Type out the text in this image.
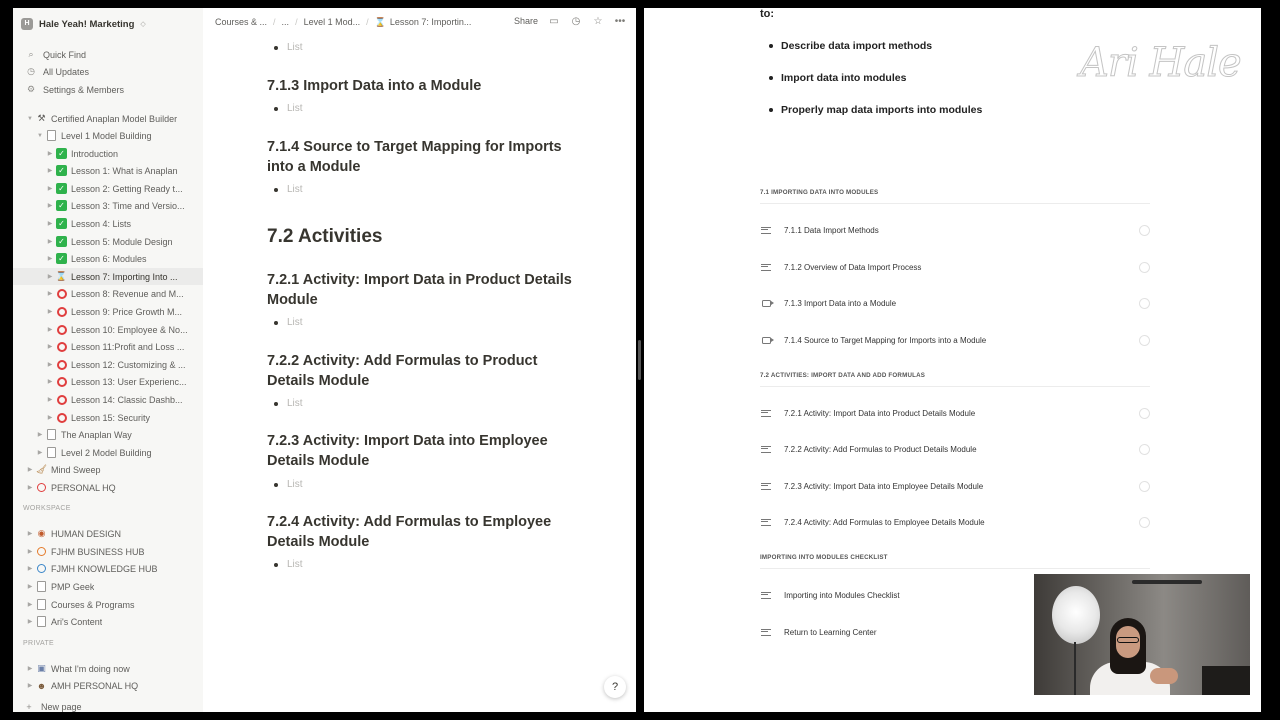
H Hale Yeah! Marketing ◇
⌕	Quick Find
◷ All Updates
⚙ Settings & Members
▼ ⚒ Certified Anaplan Model Builder
▼ Level 1 Model Building
▶ ✓ Introduction
▶ ✓ Lesson 1: What is Anaplan
▶ ✓ Lesson 2: Getting Ready t...
▶ ✓ Lesson 3: Time and Versio...
▶ ✓ Lesson 4: Lists
▶ ✓ Lesson 5: Module Design
▶ ✓ Lesson 6: Modules
▶ ⌛ Lesson 7: Importing Into ...
▶ Lesson 8: Revenue and M...
▶ Lesson 9: Price Growth M...
▶ Lesson 10: Employee & No...
▶ Lesson 11:Profit and Loss ...
▶ Lesson 12: Customizing & ...
▶ Lesson 13: User Experienc...
▶ Lesson 14: Classic Dashb...
▶ Lesson 15: Security
▶ The Anaplan Way
▶ Level 2 Model Building
▶ 🧹︎ Mind Sweep
▶ PERSONAL HQ
WORKSPACE
▶ ◉ HUMAN DESIGN
▶ FJHM BUSINESS HUB
▶ FJMH KNOWLEDGE HUB
▶ PMP Geek
▶ Courses & Programs
▶ Ari's Content
PRIVATE
▶ ▣ What I'm doing now
▶ ☻ AMH PERSONAL HQ
+	New page
Courses & ... / ... / Level 1 Mod... / ⌛ Lesson 7: Importin...	Share ▭ ◷ ☆ •••
List
7.1.3 Import Data into a Module
List
7.1.4 Source to Target Mapping for Imports into a Module
List
7.2 Activities
7.2.1 Activity: Import Data in Product Details Module
List
7.2.2 Activity: Add Formulas to Product Details Module
List
7.2.3 Activity: Import Data into Employee Details Module
List
7.2.4 Activity: Add Formulas to Employee Details Module
List
?
to:
Describe data import methods
Import data into modules
Properly map data imports into modules
Ari Hale
7.1 IMPORTING DATA INTO MODULES
7.1.1 Data Import Methods
7.1.2 Overview of Data Import Process
7.1.3 Import Data into a Module
7.1.4 Source to Target Mapping for Imports into a Module
7.2 ACTIVITIES: IMPORT DATA AND ADD FORMULAS
7.2.1 Activity: Import Data into Product Details Module
7.2.2 Activity: Add Formulas to Product Details Module
7.2.3 Activity: Import Data into Employee Details Module
7.2.4 Activity: Add Formulas to Employee Details Module
IMPORTING INTO MODULES CHECKLIST
Importing into Modules Checklist
Return to Learning Center
